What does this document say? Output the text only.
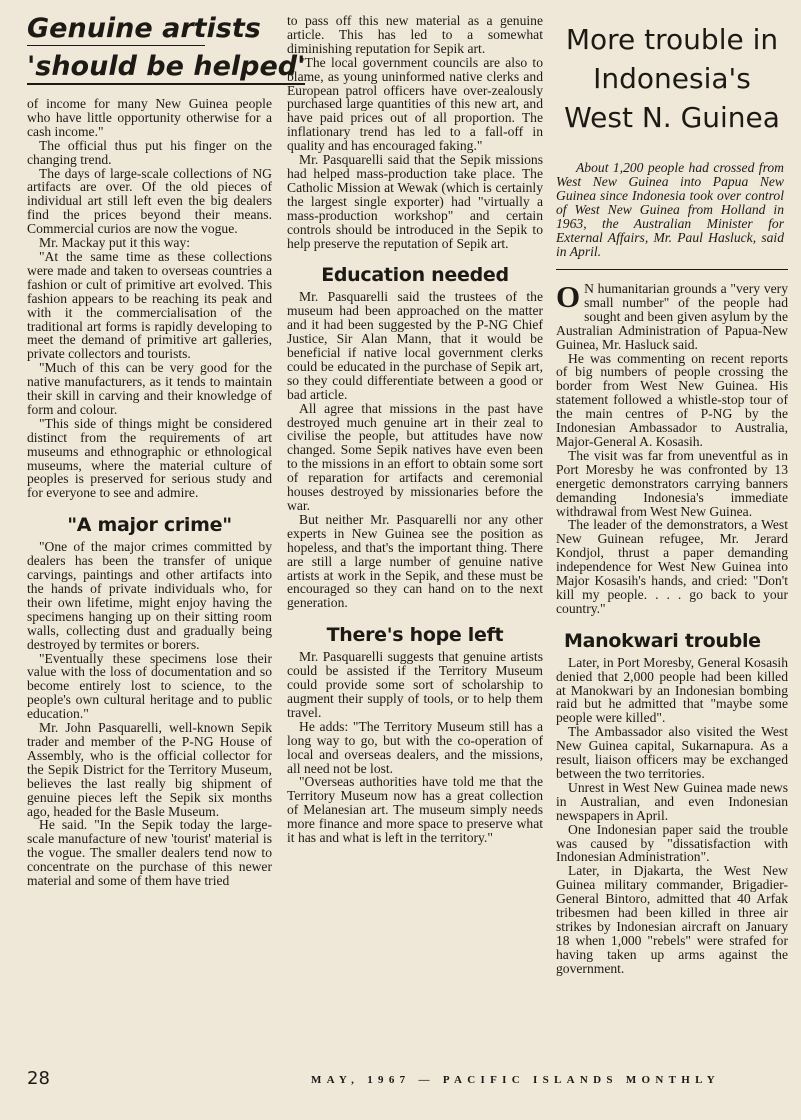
Genuine artists
'should be helped'

of income for many New Guinea people who have little opportunity otherwise for a cash income."

The official thus put his finger on the changing trend.

The days of large-scale collections of NG artifacts are over. Of the old pieces of individual art still left even the big dealers find the prices beyond their means. Commercial curios are now the vogue.

Mr. Mackay put it this way:

"At the same time as these collections were made and taken to overseas countries a fashion or cult of primitive art evolved. This fashion appears to be reaching its peak and with it the commercialisation of the traditional art forms is rapidly developing to meet the demand of primitive art galleries, private collectors and tourists.

"Much of this can be very good for the native manufacturers, as it tends to maintain their skill in carving and their knowledge of form and colour.

"This side of things might be considered distinct from the requirements of art museums and ethnographic or ethnological museums, where the material culture of peoples is preserved for serious study and for everyone to see and admire.

"A major crime"

"One of the major crimes committed by dealers has been the transfer of unique carvings, paintings and other artifacts into the hands of private individuals who, for their own lifetime, might enjoy having the specimens hanging up on their sitting room walls, collecting dust and gradually being destroyed by termites or borers.

"Eventually these specimens lose their value with the loss of documentation and so become entirely lost to science, to the people's own cultural heritage and to public education."

Mr. John Pasquarelli, well-known Sepik trader and member of the P-NG House of Assembly, who is the official collector for the Sepik District for the Territory Museum, believes the last really big shipment of genuine pieces left the Sepik six months ago, headed for the Basle Museum.

He said. "In the Sepik today the large-scale manufacture of new 'tourist' material is the vogue. The smaller dealers tend now to concentrate on the purchase of this newer material and some of them have tried

to pass off this new material as a genuine article. This has led to a somewhat diminishing reputation for Sepik art.

"The local government councils are also to blame, as young uninformed native clerks and European patrol officers have over-zealously purchased large quantities of this new art, and have paid prices out of all proportion. The inflationary trend has led to a fall-off in quality and has encouraged faking."

Mr. Pasquarelli said that the Sepik missions had helped mass-production take place. The Catholic Mission at Wewak (which is certainly the largest single exporter) had "virtually a mass-production workshop" and certain controls should be introduced in the Sepik to help preserve the reputation of Sepik art.

Education needed

Mr. Pasquarelli said the trustees of the museum had been approached on the matter and it had been suggested by the P-NG Chief Justice, Sir Alan Mann, that it would be beneficial if native local government clerks could be educated in the purchase of Sepik art, so they could differentiate between a good or bad article.

All agree that missions in the past have destroyed much genuine art in their zeal to civilise the people, but attitudes have now changed. Some Sepik natives have even been to the missions in an effort to obtain some sort of reparation for artifacts and ceremonial houses destroyed by missionaries before the war.

But neither Mr. Pasquarelli nor any other experts in New Guinea see the position as hopeless, and that's the important thing. There are still a large number of genuine native artists at work in the Sepik, and these must be encouraged so they can hand on to the next generation.

There's hope left

Mr. Pasquarelli suggests that genuine artists could be assisted if the Territory Museum could provide some sort of scholarship to augment their supply of tools, or to help them travel.

He adds: "The Territory Museum still has a long way to go, but with the co-operation of local and overseas dealers, and the missions, all need not be lost.

"Overseas authorities have told me that the Territory Museum now has a great collection of Melanesian art. The museum simply needs more finance and more space to preserve what it has and what is left in the territory."

More trouble in
Indonesia's
West N. Guinea

About 1,200 people had crossed from West New Guinea into Papua New Guinea since Indonesia took over control of West New Guinea from Holland in 1963, the Australian Minister for External Affairs, Mr. Paul Hasluck, said in April.

O N humanitarian grounds a "very very small number" of the people had sought and been given asylum by the Australian Administration of Papua-New Guinea, Mr. Hasluck said.

He was commenting on recent reports of big numbers of people crossing the border from West New Guinea. His statement followed a whistle-stop tour of the main centres of P-NG by the Indonesian Ambassador to Australia, Major-General A. Kosasih.

The visit was far from uneventful as in Port Moresby he was confronted by 13 energetic demonstrators carrying banners demanding Indonesia's immediate withdrawal from West New Guinea.

The leader of the demonstrators, a West New Guinean refugee, Mr. Jerard Kondjol, thrust a paper demanding independence for West New Guinea into Major Kosasih's hands, and cried: "Don't kill my people. . . . go back to your country."

Manokwari trouble

Later, in Port Moresby, General Kosasih denied that 2,000 people had been killed at Manokwari by an Indonesian bombing raid but he admitted that "maybe some people were killed".

The Ambassador also visited the West New Guinea capital, Sukarnapura. As a result, liaison officers may be exchanged between the two territories.

Unrest in West New Guinea made news in Australian, and even Indonesian newspapers in April.

One Indonesian paper said the trouble was caused by "dissatisfaction with Indonesian Administration".

Later, in Djakarta, the West New Guinea military commander, Brigadier-General Bintoro, admitted that 40 Arfak tribesmen had been killed in three air strikes by Indonesian aircraft on January 18 when 1,000 "rebels" were strafed for having taken up arms against the government.

28	MAY, 1967 — PACIFIC ISLANDS MONTHLY
